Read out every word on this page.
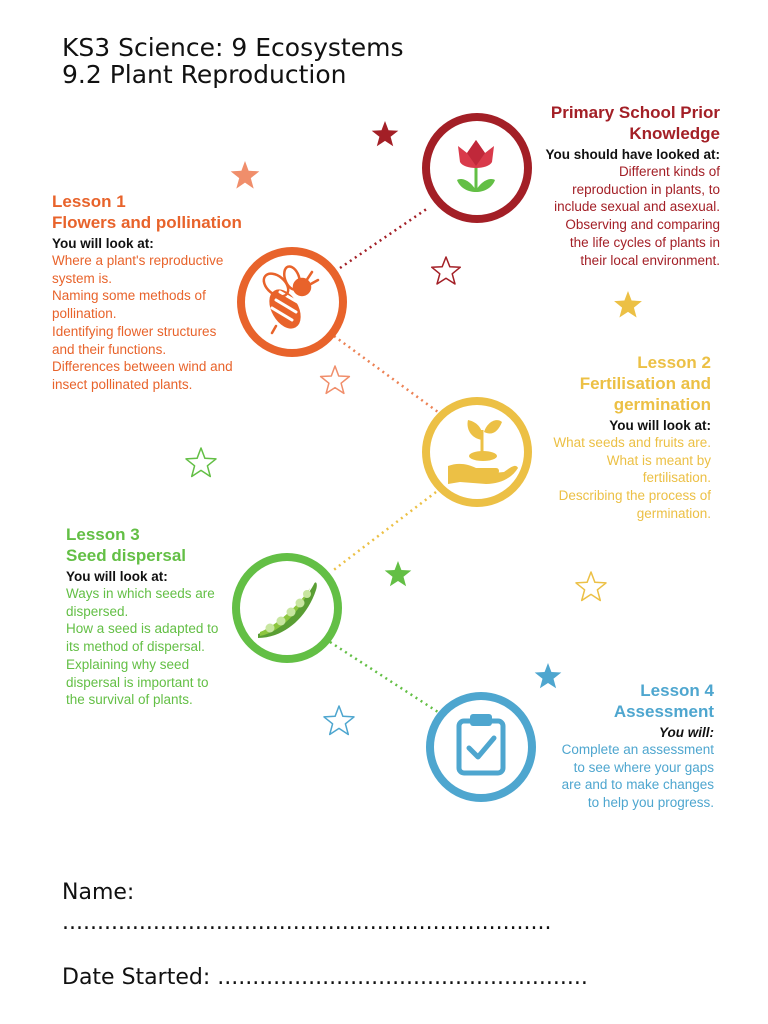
KS3 Science: 9 Ecosystems
9.2 Plant Reproduction
Primary School Prior
Knowledge
You should have looked at:
Different kinds of
reproduction in plants, to
include sexual and asexual.
Observing and comparing
the life cycles of plants in
their local environment.
Lesson 1
Flowers and pollination
You will look at:
Where a plant's reproductive
system is.
Naming some methods of
pollination.
Identifying flower structures
and their functions.
Differences between wind and
insect pollinated plants.
Lesson 2
Fertilisation and
germination
You will look at:
What seeds and fruits are.
What is meant by
fertilisation.
Describing the process of
germination.
Lesson 3
Seed dispersal
You will look at:
Ways in which seeds are
dispersed.
How a seed is adapted to
its method of dispersal.
Explaining why seed
dispersal is important to
the survival of plants.	Lesson 4
Assessment
You will:
Complete an assessment
to see where your gaps
are and to make changes
to help you progress.
Name:
......................................................................
Date Started: .....................................................
